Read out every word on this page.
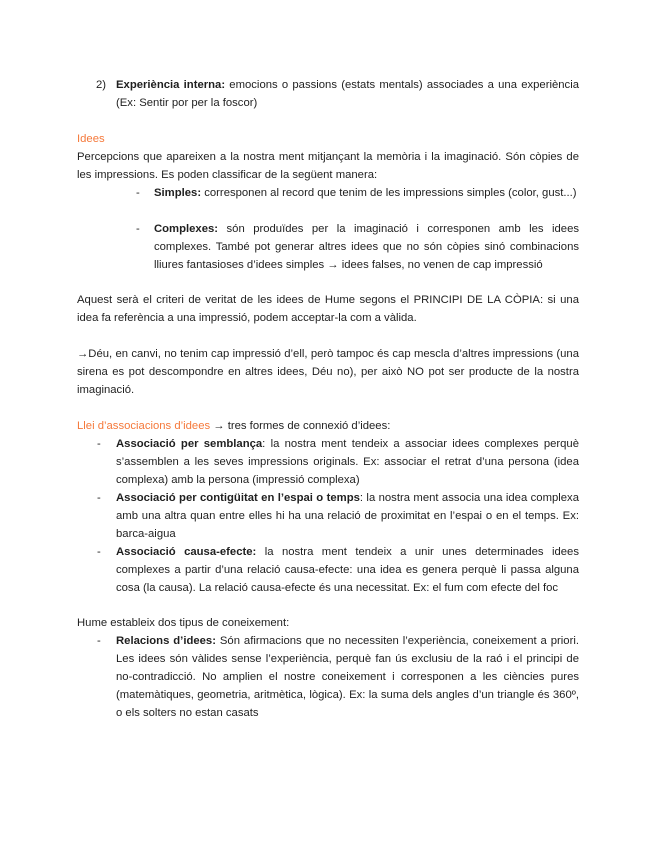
2) Experiència interna: emocions o passions (estats mentals) associades a una experiència (Ex: Sentir por per la foscor)
Idees
Percepcions que apareixen a la nostra ment mitjançant la memòria i la imaginació. Són còpies de les impressions. Es poden classificar de la següent manera:
- Simples: corresponen al record que tenim de les impressions simples (color, gust...)
- Complexes: són produïdes per la imaginació i corresponen amb les idees complexes. També pot generar altres idees que no són còpies sinó combinacions lliures fantasioses d’idees simples → idees falses, no venen de cap impressió
Aquest serà el criteri de veritat de les idees de Hume segons el PRINCIPI DE LA CÒPIA: si una idea fa referència a una impressió, podem acceptar-la com a vàlida.
→Déu, en canvi, no tenim cap impressió d’ell, però tampoc és cap mescla d’altres impressions (una sirena es pot descompondre en altres idees, Déu no), per això NO pot ser producte de la nostra imaginació.
Llei d’associacions d’idees → tres formes de connexió d’idees:
- Associació per semblança: la nostra ment tendeix a associar idees complexes perquè s’assemblen a les seves impressions originals. Ex: associar el retrat d’una persona (idea complexa) amb la persona (impressió complexa)
- Associació per contigüitat en l’espai o temps: la nostra ment associa una idea complexa amb una altra quan entre elles hi ha una relació de proximitat en l’espai o en el temps. Ex: barca-aigua
- Associació causa-efecte: la nostra ment tendeix a unir unes determinades idees complexes a partir d’una relació causa-efecte: una idea es genera perquè li passa alguna cosa (la causa). La relació causa-efecte és una necessitat. Ex: el fum com efecte del foc
Hume estableix dos tipus de coneixement:
- Relacions d’idees: Són afirmacions que no necessiten l’experiència, coneixement a priori. Les idees són vàlides sense l’experiència, perquè fan ús exclusiu de la raó i el principi de no-contradicció. No amplien el nostre coneixement i corresponen a les ciències pures (matemàtiques, geometria, aritmètica, lògica). Ex: la suma dels angles d’un triangle és 360º, o els solters no estan casats
